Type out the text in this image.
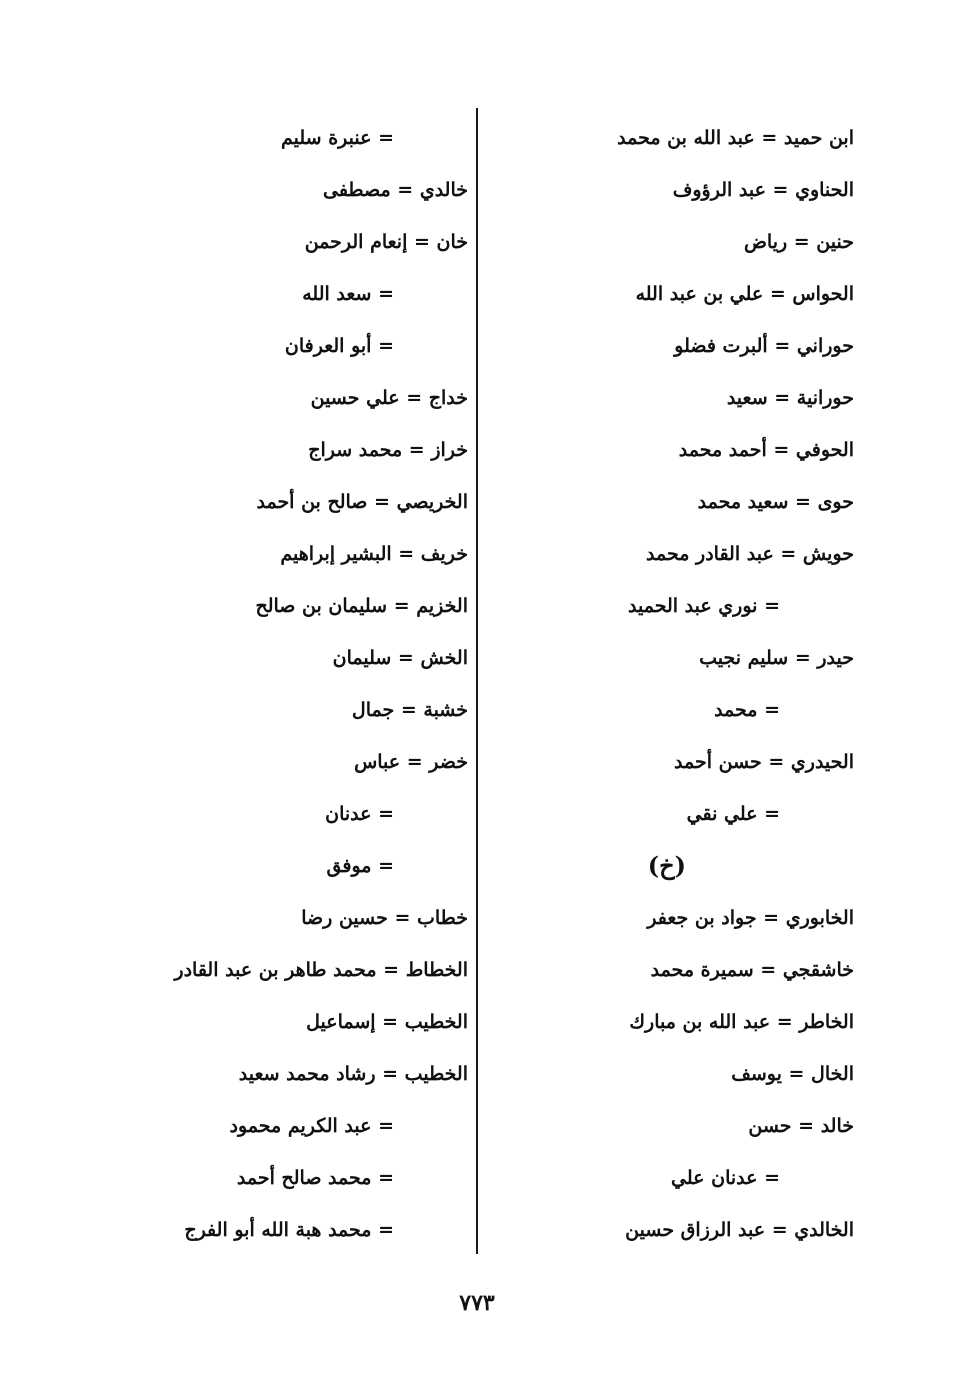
ابن حميد = عبد الله بن محمد
الحناوي = عبد الرؤوف
حنين = رياض
الحواس = علي بن عبد الله
حوراني = ألبرت فضلو
حورانية = سعيد
الحوفي = أحمد محمد
حوى = سعيد محمد
حويش = عبد القادر محمد
= نوري عبد الحميد
حيدر = سليم نجيب
= محمد
الحيدري = حسن أحمد
= علي نقي
(خ)
الخابوري = جواد بن جعفر
خاشقجي = سميرة محمد
الخاطر = عبد الله بن مبارك
الخال = يوسف
خالد = حسن
= عدنان علي
الخالدي = عبد الرزاق حسين
= عنبرة سليم
خالدي = مصطفى
خان = إنعام الرحمن
= سعد الله
= أبو العرفان
خداج = علي حسين
خراز = محمد سراج
الخريصي = صالح بن أحمد
خريف = البشير إبراهيم
الخزيم = سليمان بن صالح
الخش = سليمان
خشبة = جمال
خضر = عباس
= عدنان
= موفق
خطاب = حسين رضا
الخطاط = محمد طاهر بن عبد القادر
الخطيب = إسماعيل
الخطيب = رشاد محمد سعيد
= عبد الكريم محمود
= محمد صالح أحمد
= محمد هبة الله أبو الفرج
٧٧٣
